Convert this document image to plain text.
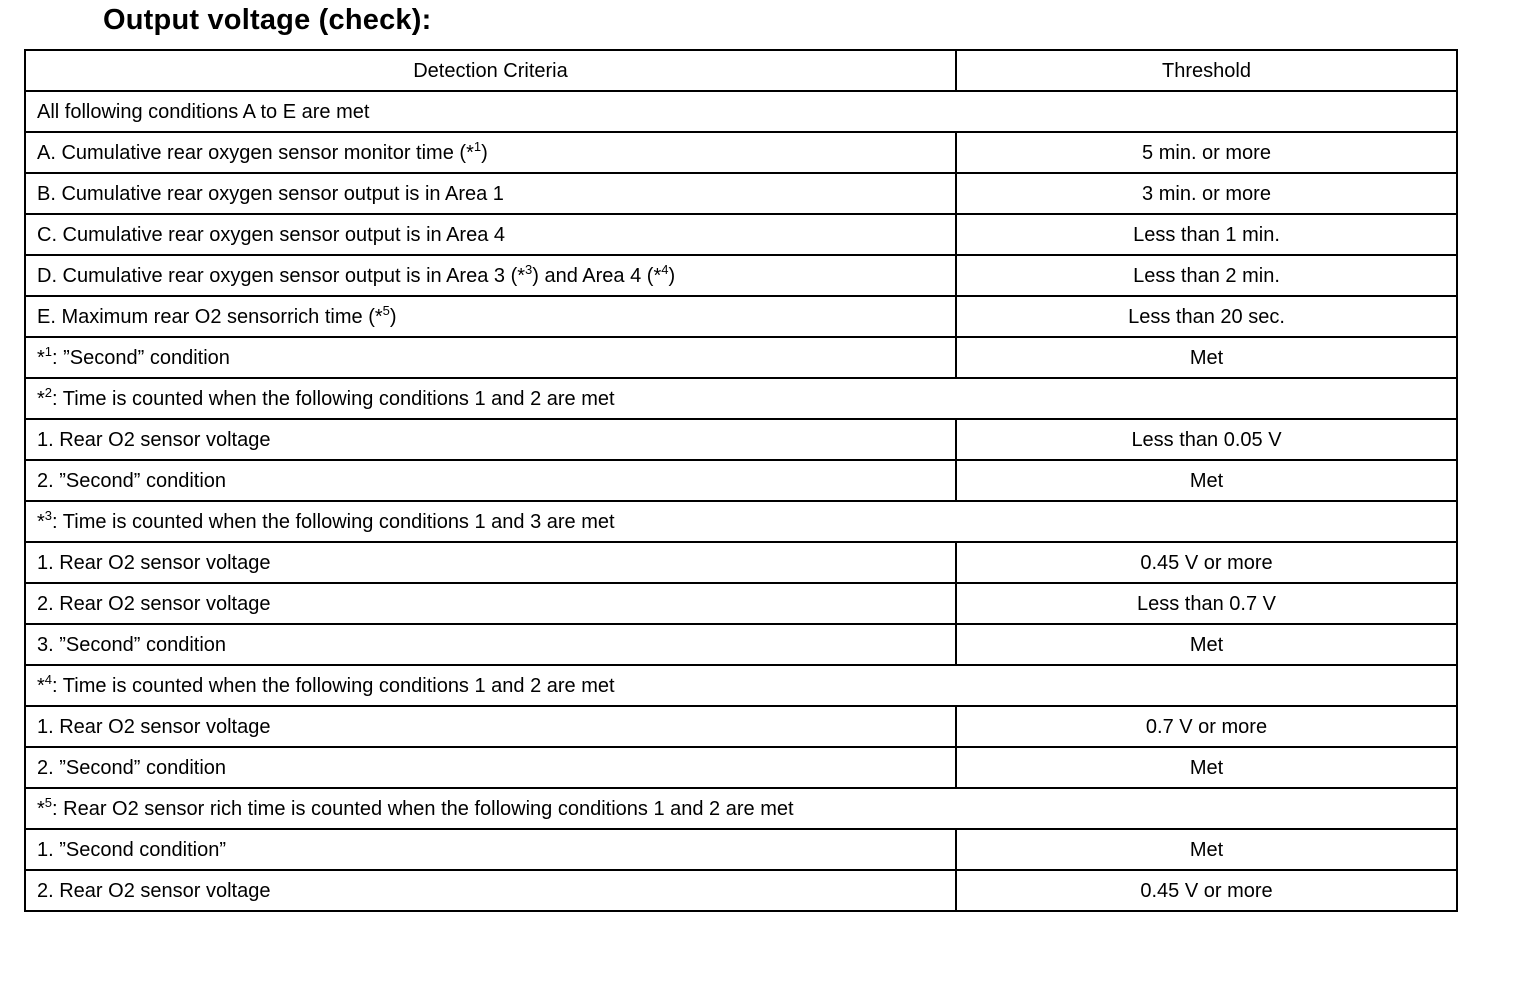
Output voltage (check):
Detection Criteria	Threshold
All following conditions A to E are met	
A. Cumulative rear oxygen sensor monitor time (*$^1$)	5 min. or more
B. Cumulative rear oxygen sensor output is in Area 1	3 min. or more
C. Cumulative rear oxygen sensor output is in Area 4	Less than 1 min.
D. Cumulative rear oxygen sensor output is in Area 3 (*$^3$) and Area 4 (*$^4$)	Less than 2 min.
E. Maximum rear O2 sensorrich time (*$^5$)	Less than 20 sec.
*$^1$: ”Second” condition	Met
*$^2$: Time is counted when the following conditions 1 and 2 are met	
1. Rear O2 sensor voltage	Less than 0.05 V
2. ”Second” condition	Met
*$^3$: Time is counted when the following conditions 1 and 3 are met	
1. Rear O2 sensor voltage	0.45 V or more
2. Rear O2 sensor voltage	Less than 0.7 V
3. ”Second” condition	Met
*$^4$: Time is counted when the following conditions 1 and 2 are met	
1. Rear O2 sensor voltage	0.7 V or more
2. ”Second” condition	Met
*$^5$: Rear O2 sensor rich time is counted when the following conditions 1 and 2 are met	
1. ”Second condition”	Met
2. Rear O2 sensor voltage	0.45 V or more
